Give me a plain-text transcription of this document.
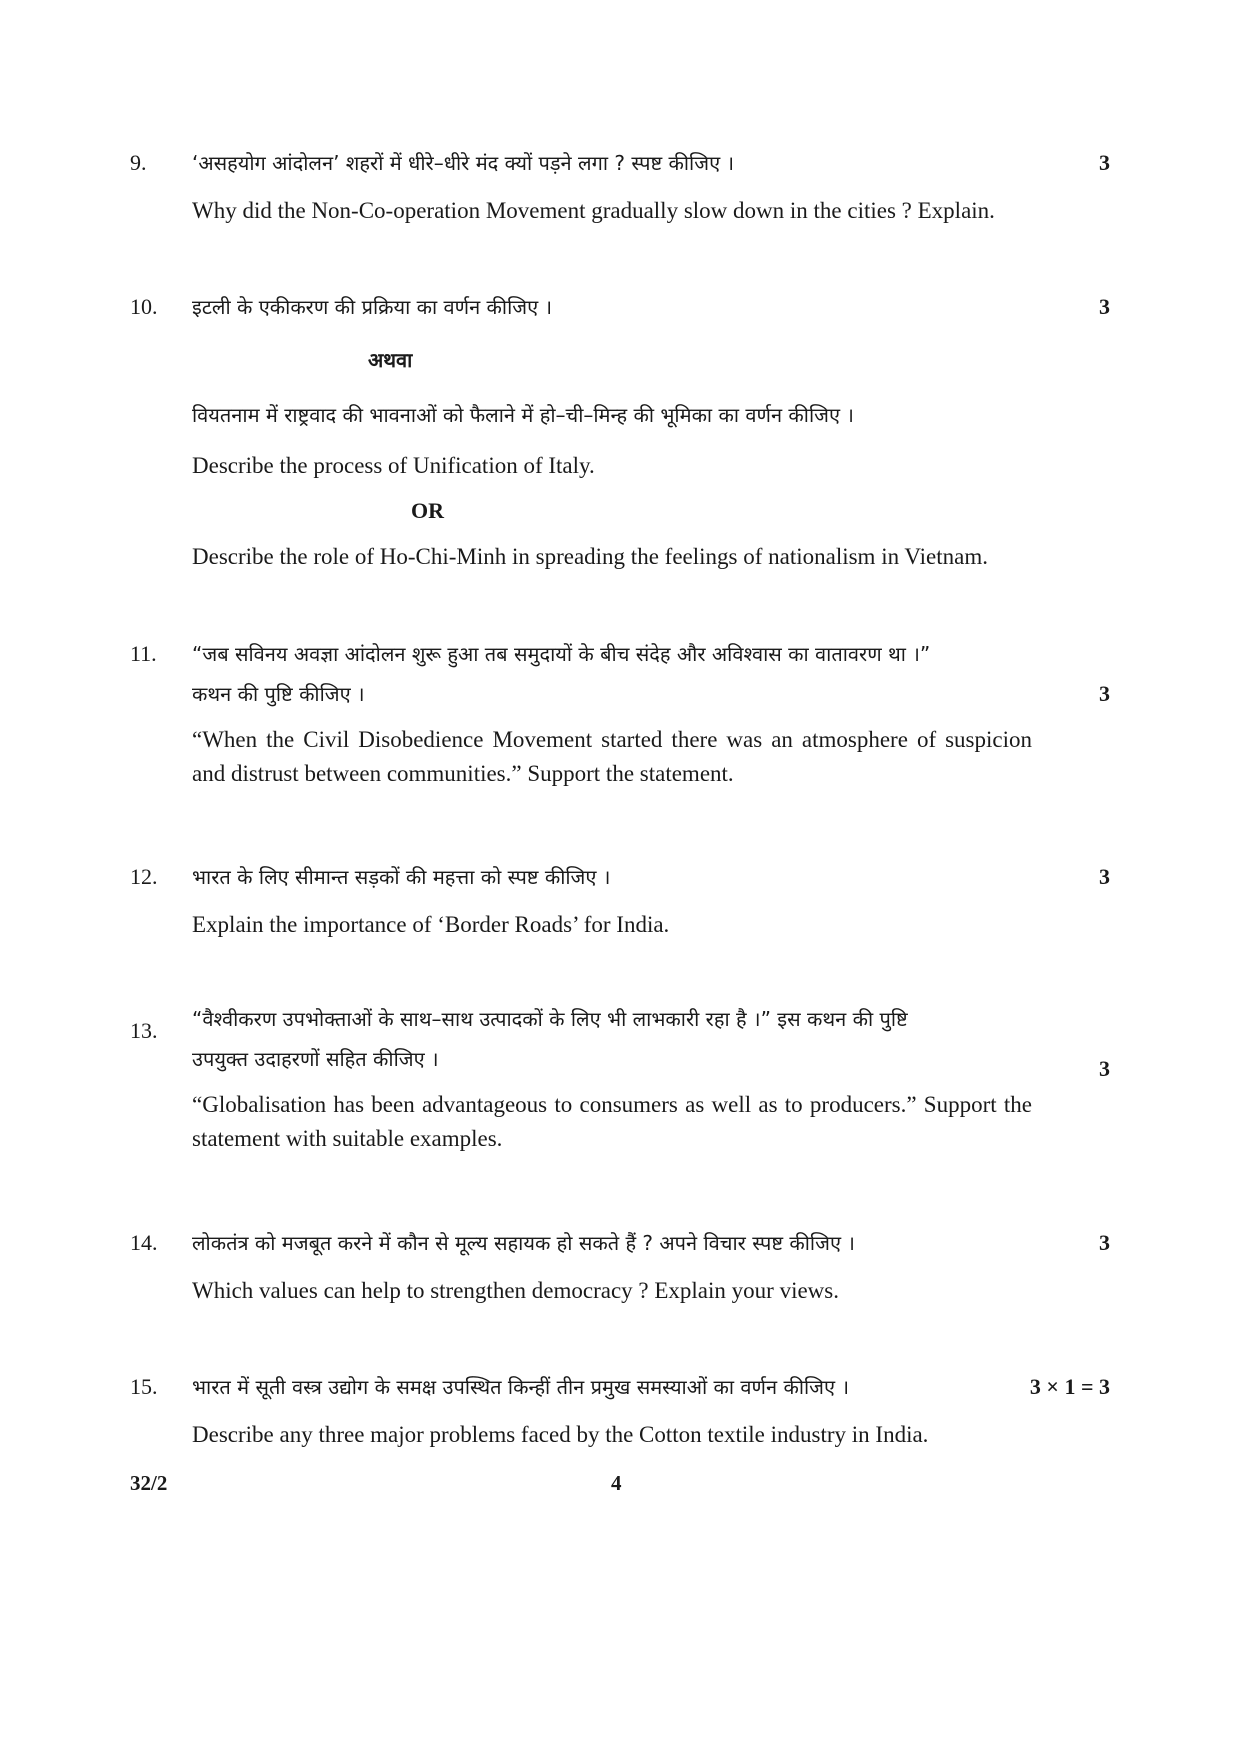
9.	‘असहयोग आंदोलन’ शहरों में धीरे–धीरे मंद क्यों पड़ने लगा ? स्पष्ट कीजिए ।

Why did the Non-Co-operation Movement gradually slow down in the cities ? Explain.

3
10.	इटली के एकीकरण की प्रक्रिया का वर्णन कीजिए ।

अथवा

वियतनाम में राष्ट्रवाद की भावनाओं को फैलाने में हो–ची–मिन्ह की भूमिका का वर्णन कीजिए ।

Describe the process of Unification of Italy.

OR

Describe the role of Ho-Chi-Minh in spreading the feelings of nationalism in Vietnam.

3
11.	“जब सविनय अवज्ञा आंदोलन शुरू हुआ तब समुदायों के बीच संदेह और अविश्वास का वातावरण था ।”

कथन की पुष्टि कीजिए ।

“When the Civil Disobedience Movement started there was an atmosphere of suspicion and distrust between communities.” Support the statement.

3
12.	भारत के लिए सीमान्त सड़कों की महत्ता को स्पष्ट कीजिए ।

Explain the importance of ‘Border Roads’ for India.

3
13.	“वैश्वीकरण उपभोक्ताओं के साथ–साथ उत्पादकों के लिए भी लाभकारी रहा है ।” इस कथन की पुष्टि

उपयुक्त उदाहरणों सहित कीजिए ।

“Globalisation has been advantageous to consumers as well as to producers.” Support the statement with suitable examples.

3
14.	लोकतंत्र को मजबूत करने में कौन से मूल्य सहायक हो सकते हैं ? अपने विचार स्पष्ट कीजिए ।

Which values can help to strengthen democracy ? Explain your views.

3
15.	भारत में सूती वस्त्र उद्योग के समक्ष उपस्थित किन्हीं तीन प्रमुख समस्याओं का वर्णन कीजिए ।

Describe any three major problems faced by the Cotton textile industry in India.

3 × 1 = 3
32/2	4
